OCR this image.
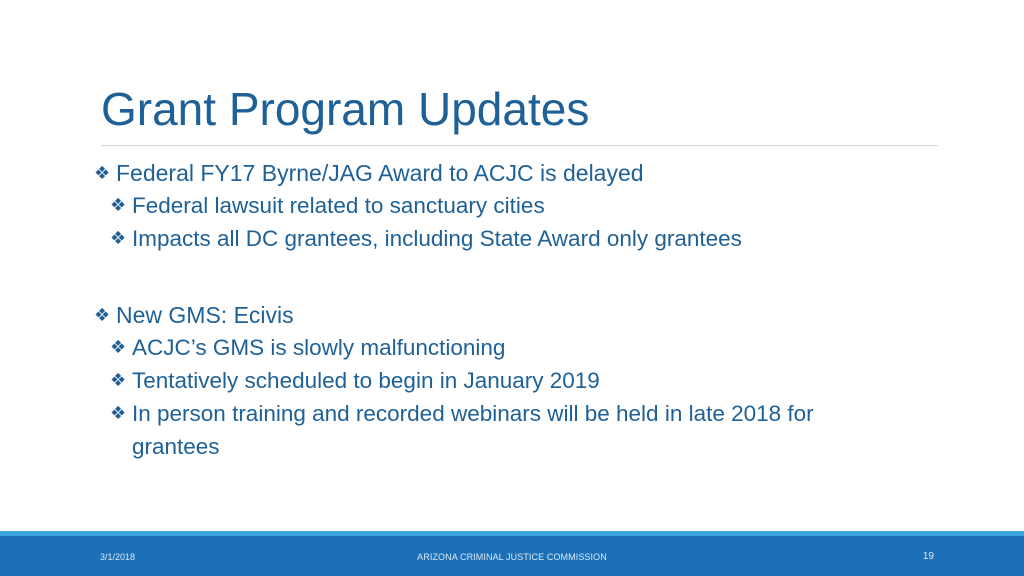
Grant Program Updates
❖ Federal FY17 Byrne/JAG Award to ACJC is delayed
❖ Federal lawsuit related to sanctuary cities
❖ Impacts all DC grantees, including State Award only grantees
❖ New GMS: Ecivis
❖ ACJC’s GMS is slowly malfunctioning
❖ Tentatively scheduled to begin in January 2019
❖ In person training and recorded webinars will be held in late 2018 for
grantees
3/1/2018	ARIZONA CRIMINAL JUSTICE COMMISSION	19
